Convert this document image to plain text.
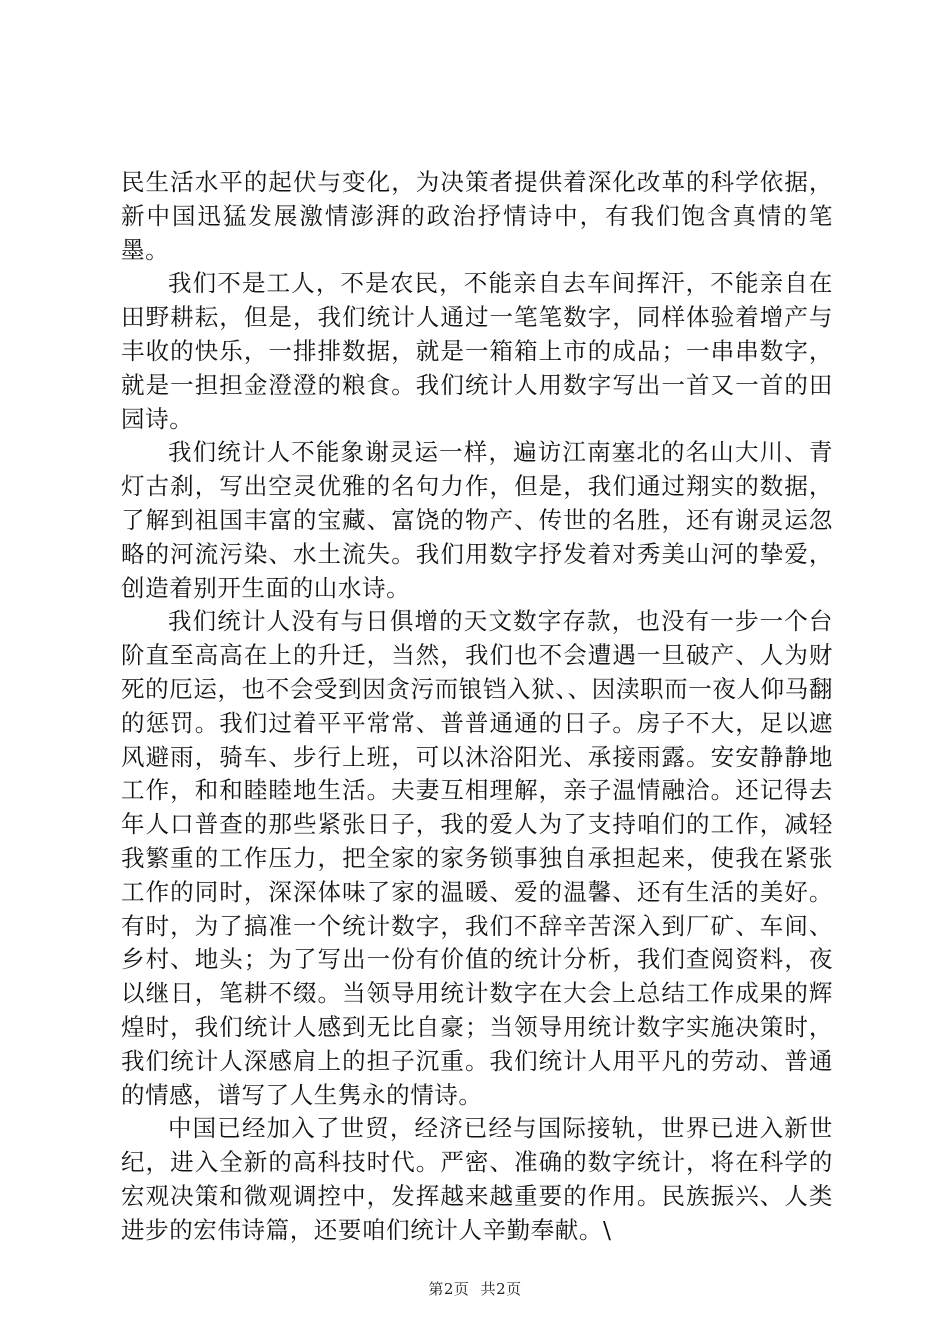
民生活水平的起伏与变化，为决策者提供着深化改革的科学依据，新中国迅猛发展激情澎湃的政治抒情诗中，有我们饱含真情的笔墨。

我们不是工人，不是农民，不能亲自去车间挥汗，不能亲自在田野耕耘，但是，我们统计人通过一笔笔数字，同样体验着增产与丰收的快乐，一排排数据，就是一箱箱上市的成品；一串串数字，就是一担担金澄澄的粮食。我们统计人用数字写出一首又一首的田园诗。

我们统计人不能象谢灵运一样，遍访江南塞北的名山大川、青灯古刹，写出空灵优雅的名句力作，但是，我们通过翔实的数据，了解到祖国丰富的宝藏、富饶的物产、传世的名胜，还有谢灵运忽略的河流污染、水土流失。我们用数字抒发着对秀美山河的挚爱，创造着别开生面的山水诗。

我们统计人没有与日俱增的天文数字存款，也没有一步一个台阶直至高高在上的升迁，当然，我们也不会遭遇一旦破产、人为财死的厄运，也不会受到因贪污而锒铛入狱、、因渎职而一夜人仰马翻的惩罚。我们过着平平常常、普普通通的日子。房子不大，足以遮风避雨，骑车、步行上班，可以沐浴阳光、承接雨露。安安静静地工作，和和睦睦地生活。夫妻互相理解，亲子温情融洽。还记得去年人口普查的那些紧张日子，我的爱人为了支持咱们的工作，减轻我繁重的工作压力，把全家的家务锁事独自承担起来，使我在紧张工作的同时，深深体味了家的温暖、爱的温馨、还有生活的美好。有时，为了搞准一个统计数字，我们不辞辛苦深入到厂矿、车间、乡村、地头；为了写出一份有价值的统计分析，我们查阅资料，夜以继日，笔耕不缀。当领导用统计数字在大会上总结工作成果的辉煌时，我们统计人感到无比自豪；当领导用统计数字实施决策时，我们统计人深感肩上的担子沉重。我们统计人用平凡的劳动、普通的情感，谱写了人生隽永的情诗。

中国已经加入了世贸，经济已经与国际接轨，世界已进入新世纪，进入全新的高科技时代。严密、准确的数字统计，将在科学的宏观决策和微观调控中，发挥越来越重要的作用。民族振兴、人类进步的宏伟诗篇，还要咱们统计人辛勤奉献。\

第2页 共2页
